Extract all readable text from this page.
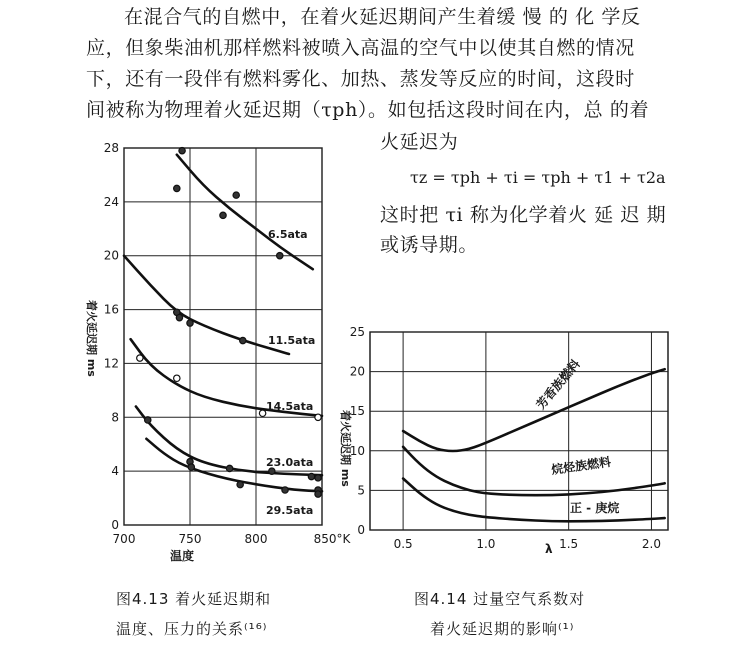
在混合气的自燃中，在着火延迟期间产生着缓 慢 的 化 学反
应，但象柴油机那样燃料被喷入高温的空气中以使其自燃的情况
下，还有一段伴有燃料雾化、加热、蒸发等反应的时间，这段时
间被称为物理着火延迟期（τph）。如包括这段时间在内，总 的着
火延迟为
τz = τph + τi = τph + τ1 + τ2a
这时把 τi 称为化学着火 延 迟 期
或诱导期。
700	750	800	850°K
0
4
8
12
16
20
24
28
着火延迟期 ms
温度
6.5ata
11.5ata
14.5ata
23.0ata
29.5ata
0.5	1.0	1.5	2.0
0
5
10
15
20
25
着火延迟期 ms
λ
芳香族燃料
烷烃族燃料
正 - 庚烷
图4.13 着火延迟期和
温度、压力的关系⁽¹⁶⁾
图4.14 过量空气系数对
着火延迟期的影响⁽¹⁾
